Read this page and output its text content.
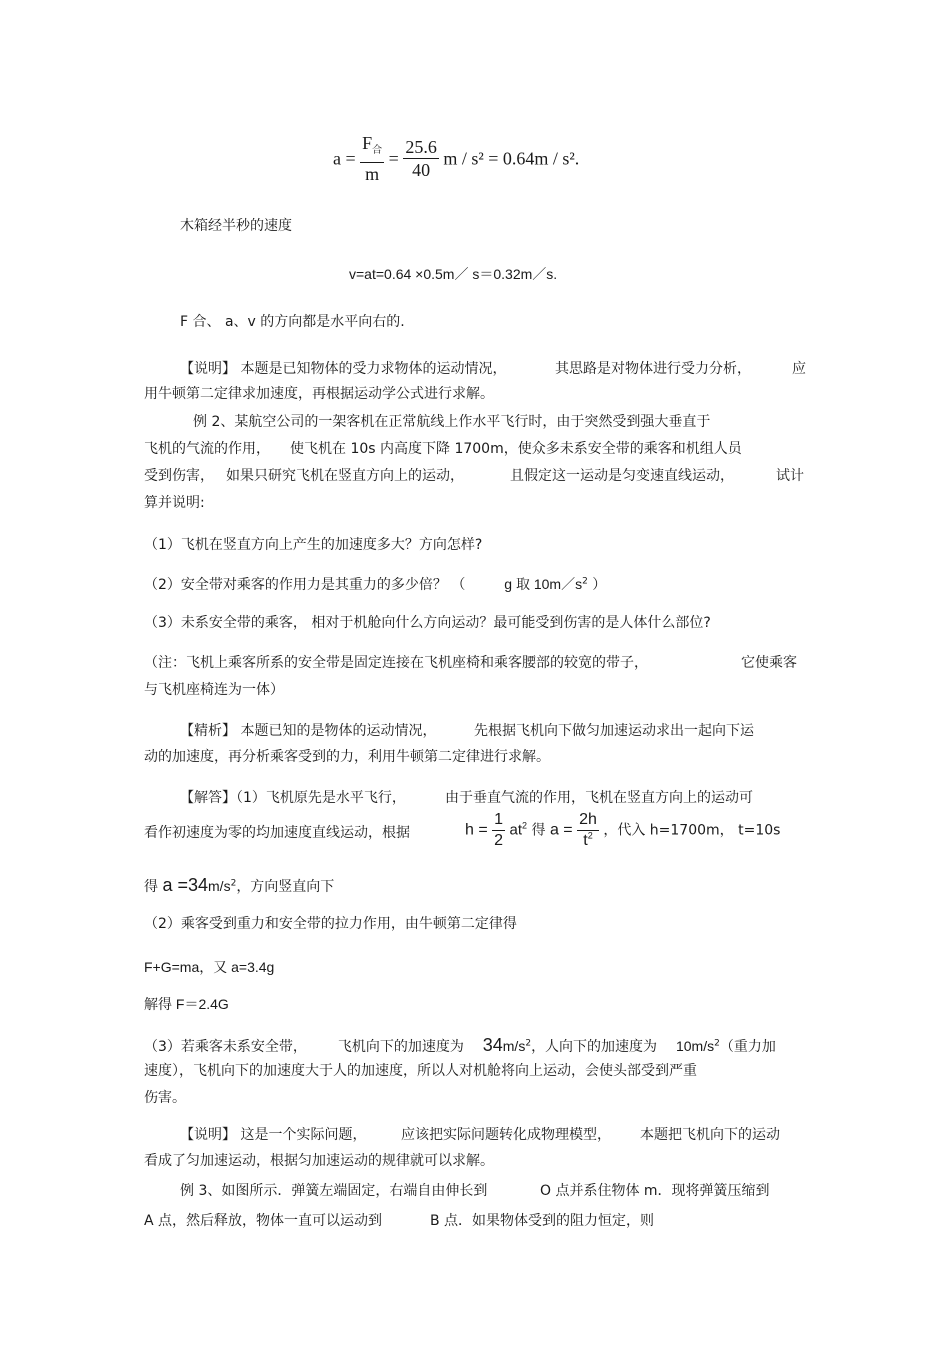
$a = \frac{F_合}{m} = \frac{25.6}{40}$ m / s² = 0.64m / s².
木箱经半秒的速度
v=at=0.64 ×0.5m／ s＝0.32m／s.
F 合、 a、v 的方向都是水平向右的.
【说明】 本题是已知物体的受力求物体的运动情况，	其思路是对物体进行受力分析，	应
用牛顿第二定律求加速度，再根据运动学公式进行求解。
例 2、某航空公司的一架客机在正常航线上作水平飞行时，由于突然受到强大垂直于
飞机的气流的作用， 使飞机在 10s 内高度下降 1700m，使众多未系安全带的乘客和机组人员
受到伤害， 如果只研究飞机在竖直方向上的运动，	且假定这一运动是匀变速直线运动，	试计
算并说明:
（1）飞机在竖直方向上产生的加速度多大？方向怎样?
（2）安全带对乘客的作用力是其重力的多少倍？ （	g 取 $10m/s^2$ ）
（3）未系安全带的乘客， 相对于机舱向什么方向运动？最可能受到伤害的是人体什么部位?
（注：飞机上乘客所系的安全带是固定连接在飞机座椅和乘客腰部的较宽的带子，	它使乘客
与飞机座椅连为一体）
【精析】 本题已知的是物体的运动情况，	先根据飞机向下做匀加速运动求出一起向下运
动的加速度，再分析乘客受到的力，利用牛顿第二定律进行求解。
【解答】（1）飞机原先是水平飞行，	由于垂直气流的作用，飞机在竖直方向上的运动可
看作初速度为零的均加速度直线运动，根据	$h = \frac{1}{2} at^2$ 得 $a = \frac{2h}{t^2}$ ，代入 h=1700m， t=10s
得 $a =34m/s^2$，方向竖直向下
（2）乘客受到重力和安全带的拉力作用，由牛顿第二定律得
F+G=ma，又 a=3.4g
解得 F＝2.4G
（3）若乘客未系安全带， 飞机向下的加速度为 $34m/s^2$，人向下的加速度为 $10m/s^2$（重力加
速度），飞机向下的加速度大于人的加速度，所以人对机舱将向上运动，会使头部受到严重
伤害。
【说明】 这是一个实际问题， 应该把实际问题转化成物理模型， 本题把飞机向下的运动
看成了匀加速运动，根据匀加速运动的规律就可以求解。
例 3、如图所示．弹簧左端固定，右端自由伸长到	O 点并系住物体 m．现将弹簧压缩到
A 点，然后释放，物体一直可以运动到	B 点．如果物体受到的阻力恒定，则
